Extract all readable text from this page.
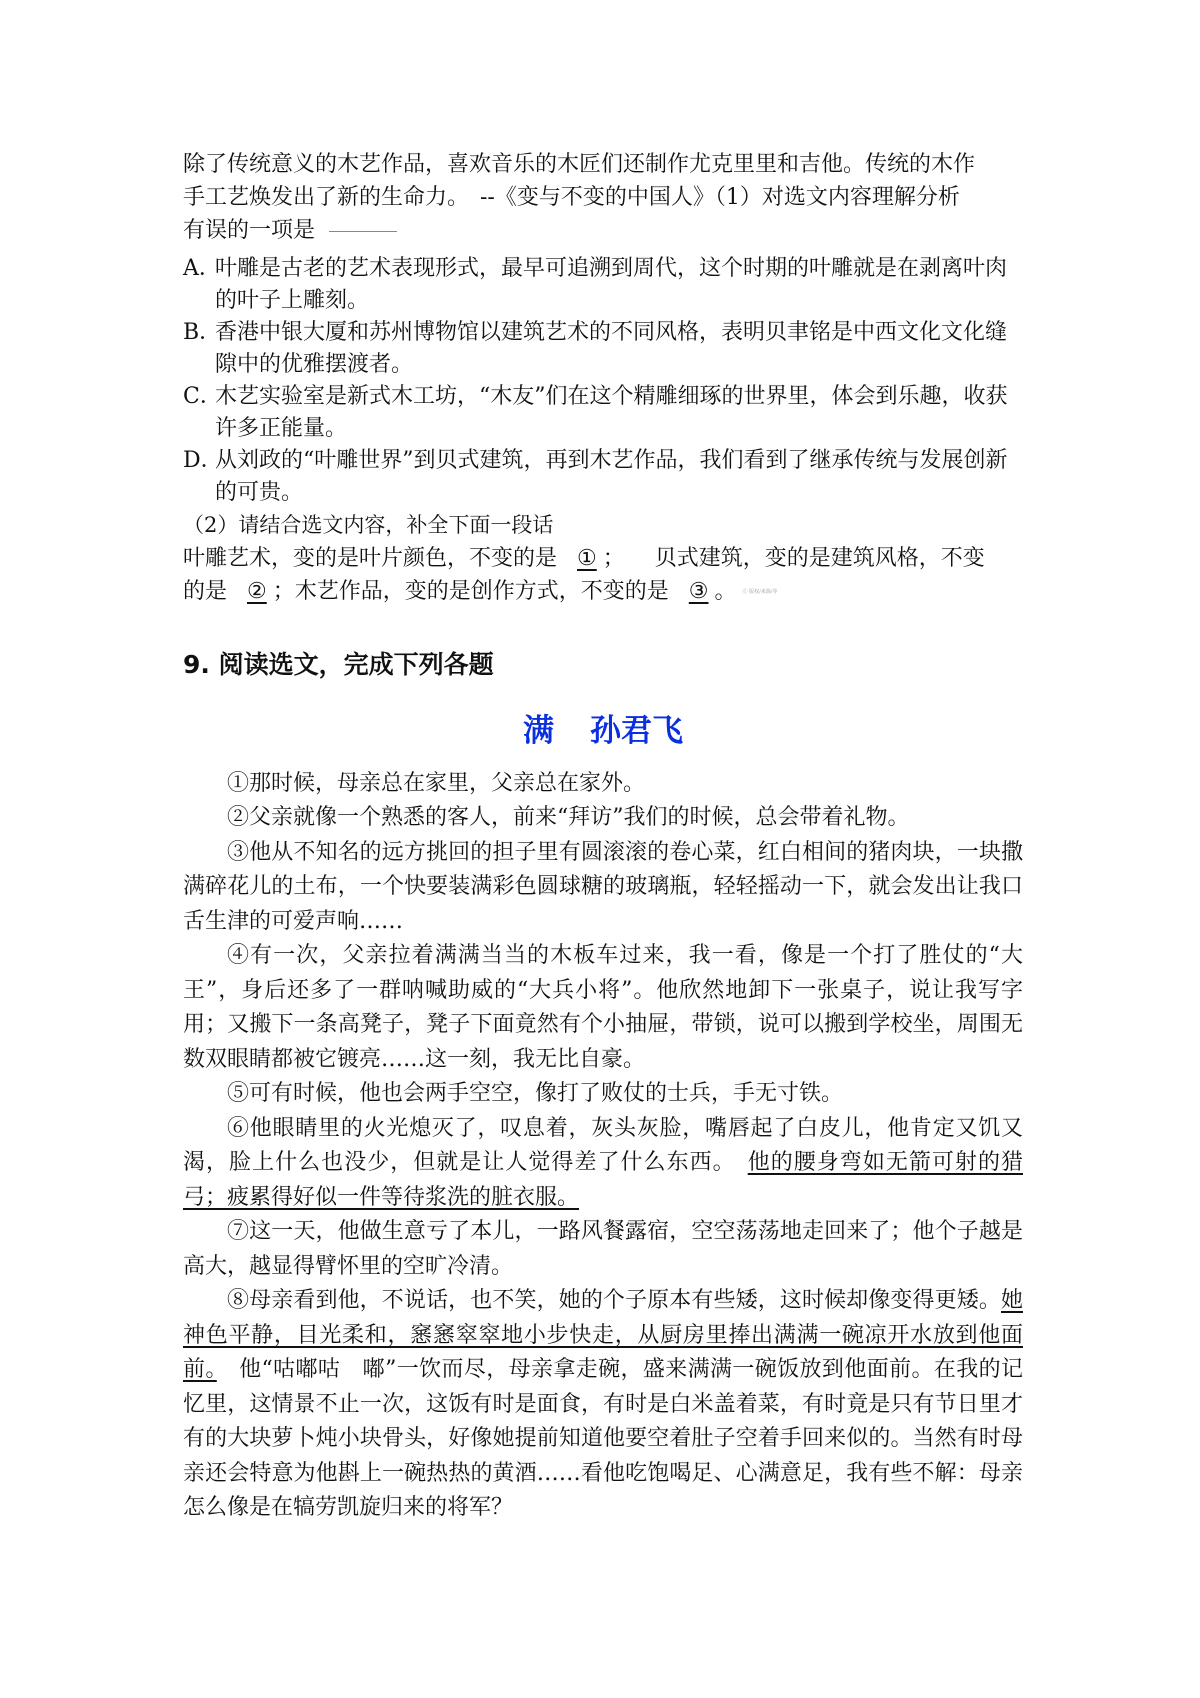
除了传统意义的木艺作品，喜欢音乐的木匠们还制作尤克里里和吉他。传统的木作

手工艺焕发出了新的生命力。　--《变与不变的中国人》（1）对选文内容理解分析

有误的一项是

A．
叶雕是古老的艺术表现形式，最早可追溯到周代，这个时期的叶雕就是在剥离叶肉的叶子上雕刻。
B．
香港中银大厦和苏州博物馆以建筑艺术的不同风格，表明贝聿铭是中西文化文化缝隙中的优雅摆渡者。
C．
木艺实验室是新式木工坊，“木友”们在这个精雕细琢的世界里，体会到乐趣，收获许多正能量。
D．
从刘政的“叶雕世界”到贝式建筑，再到木艺作品，我们看到了继承传统与发展创新的可贵。

（2）请结合选文内容，补全下面一段话

叶雕艺术，变的是叶片颜色，不变的是 ① ； 贝式建筑，变的是建筑风格，不变

的是 ② ；木艺作品，变的是创作方式，不变的是 ③ 。 Ⓒ 版权/来源/等

9. 阅读选文，完成下列各题

满 孙君飞

①那时候，母亲总在家里，父亲总在家外。

②父亲就像一个熟悉的客人，前来“拜访”我们的时候，总会带着礼物。

③他从不知名的远方挑回的担子里有圆滚滚的卷心菜，红白相间的猪肉块，一块撒满碎花儿的土布，一个快要装满彩色圆球糖的玻璃瓶，轻轻摇动一下，就会发出让我口舌生津的可爱声响……

④有一次，父亲拉着满满当当的木板车过来，我一看，像是一个打了胜仗的“大王”，身后还多了一群呐喊助威的“大兵小将”。他欣然地卸下一张桌子，说让我写字用；又搬下一条高凳子，凳子下面竟然有个小抽屉，带锁，说可以搬到学校坐，周围无数双眼睛都被它镀亮……这一刻，我无比自豪。

⑤可有时候，他也会两手空空，像打了败仗的士兵，手无寸铁。

⑥他眼睛里的火光熄灭了，叹息着，灰头灰脸，嘴唇起了白皮儿，他肯定又饥又渴，脸上什么也没少，但就是让人觉得差了什么东西。　他的腰身弯如无箭可射的猎弓；疲累得好似一件等待浆洗的脏衣服。

⑦这一天，他做生意亏了本儿，一路风餐露宿，空空荡荡地走回来了；他个子越是高大，越显得臂怀里的空旷冷清。

⑧母亲看到他，不说话，也不笑，她的个子原本有些矮，这时候却像变得更矮。她神色平静，目光柔和，窸窸窣窣地小步快走，从厨房里捧出满满一碗凉开水放到他面前。　他“咕嘟咕　嘟”一饮而尽，母亲拿走碗，盛来满满一碗饭放到他面前。在我的记忆里，这情景不止一次，这饭有时是面食，有时是白米盖着菜，有时竟是只有节日里才有的大块萝卜炖小块骨头，好像她提前知道他要空着肚子空着手回来似的。当然有时母亲还会特意为他斟上一碗热热的黄酒……看他吃饱喝足、心满意足，我有些不解：母亲怎么像是在犒劳凯旋归来的将军？
